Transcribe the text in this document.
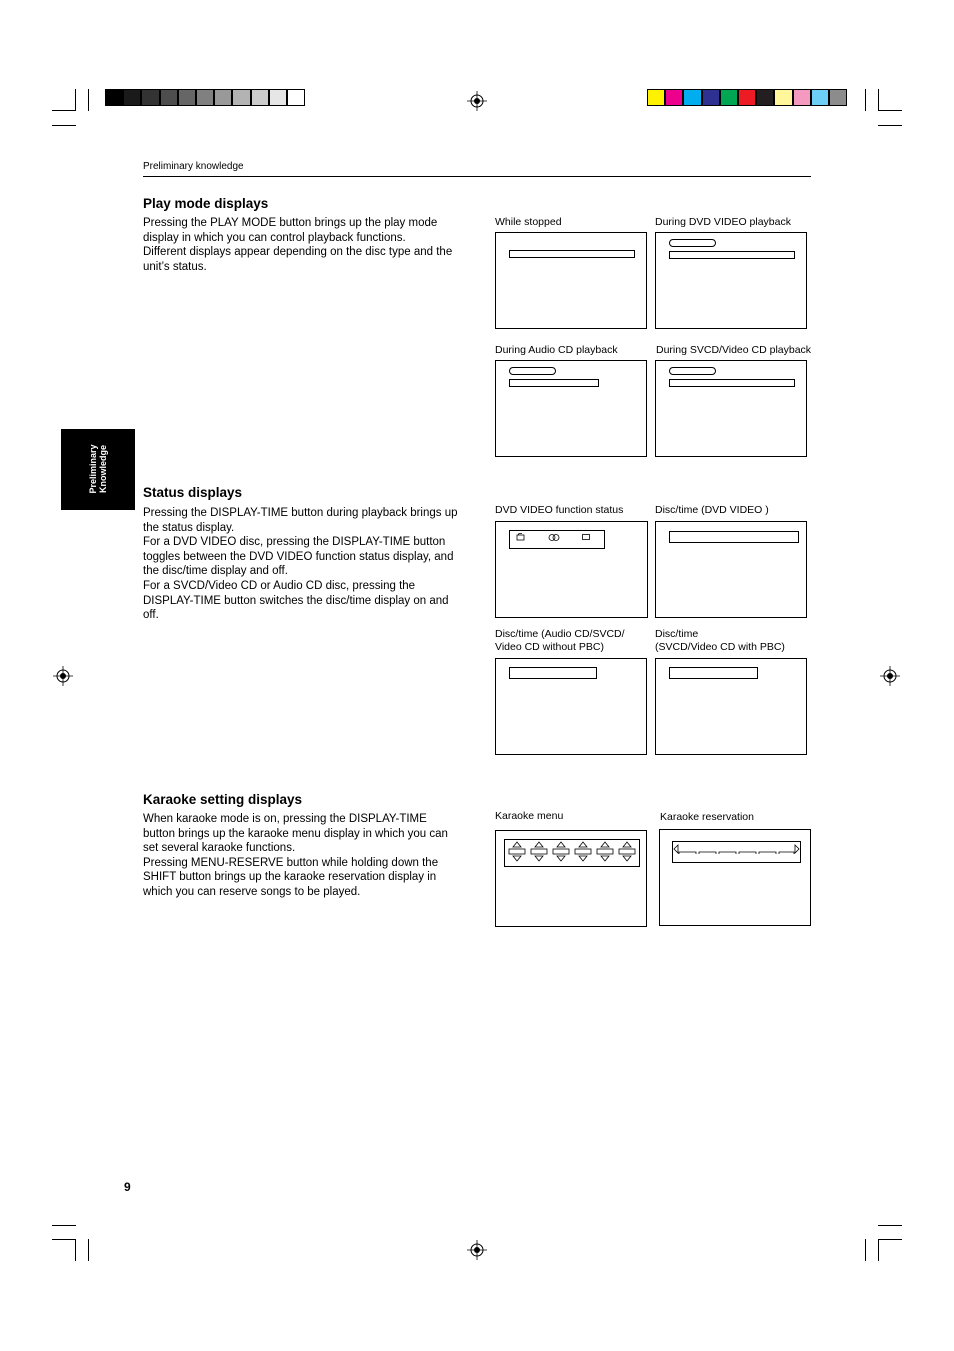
Preliminary knowledge
Preliminary Knowledge
Play mode displays

Pressing the PLAY MODE button brings up the play mode display in which you can control playback functions.

Different displays appear depending on the disc type and the unit’s status.

While stopped	During DVD VIDEO playback
During Audio CD playback	During SVCD/Video CD playback
Status displays

Pressing the DISPLAY-TIME button during playback brings up the status display.

For a DVD VIDEO disc, pressing the DISPLAY-TIME button toggles between the DVD VIDEO function status display, and the disc/time display and off.

For a SVCD/Video CD or Audio CD disc, pressing the DISPLAY-TIME button switches the disc/time display on and off.

DVD VIDEO function status	Disc/time (DVD VIDEO )
Disc/time (Audio CD/SVCD/
Video CD without PBC)
Disc/time
(SVCD/Video CD with PBC)
Karaoke setting displays

When karaoke mode is on, pressing the DISPLAY-TIME button brings up the karaoke menu display in which you can set several karaoke functions.

Pressing MENU-RESERVE button while holding down the SHIFT button brings up the karaoke reservation display in which you can reserve songs to be played.

Karaoke menu	Karaoke reservation
9
